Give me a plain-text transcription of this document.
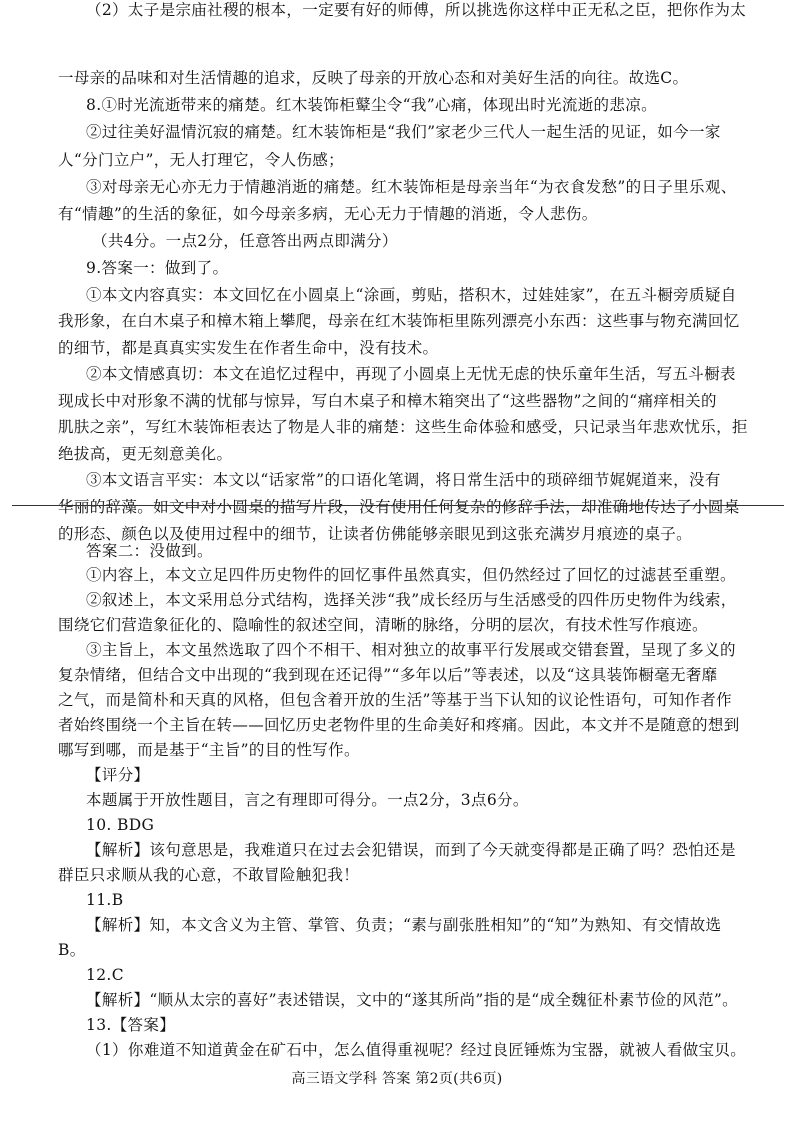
一母亲的品味和对生活情趣的追求，反映了母亲的开放心态和对美好生活的向往。故选C。
8.①时光流逝带来的痛楚。红木装饰柜鼙尘令“我”心痛，体现出时光流逝的悲凉。
②过往美好温情沉寂的痛楚。红木装饰柜是“我们”家老少三代人一起生活的见证，如今一家
人“分门立户”，无人打理它，令人伤感；
③对母亲无心亦无力于情趣消逝的痛楚。红木装饰柜是母亲当年“为衣食发愁”的日子里乐观、
有“情趣”的生活的象征，如今母亲多病，无心无力于情趣的消逝，令人悲伤。
（共4分。一点2分，任意答出两点即满分）
9.答案一：做到了。
①本文内容真实：本文回忆在小圆桌上“涂画，剪贴，搭积木，过娃娃家”，在五斗橱旁质疑自
我形象，在白木桌子和樟木箱上攀爬，母亲在红木装饰柜里陈列漂亮小东西：这些事与物充满回忆
的细节，都是真真实实发生在作者生命中，没有技术。
②本文情感真切：本文在追忆过程中，再现了小圆桌上无忧无虑的快乐童年生活，写五斗橱表
现成长中对形象不满的忧郁与惊异，写白木桌子和樟木箱突出了“这些器物”之间的“痛痒相关的
肌肤之亲”，写红木装饰柜表达了物是人非的痛楚：这些生命体验和感受，只记录当年悲欢忧乐，拒
绝拔高，更无刻意美化。
③本文语言平实：本文以“话家常”的口语化笔调，将日常生活中的琐碎细节娓娓道来，没有
华丽的辞藻。如文中对小圆桌的描写片段，没有使用任何复杂的修辞手法，却准确地传达了小圆桌
的形态、颜色以及使用过程中的细节，让读者仿佛能够亲眼见到这张充满岁月痕迹的桌子。
答案二：没做到。
①内容上，本文立足四件历史物件的回忆事件虽然真实，但仍然经过了回忆的过滤甚至重塑。
②叙述上，本文采用总分式结构，选择关涉“我”成长经历与生活感受的四件历史物件为线索，
围绕它们营造象征化的、隐喻性的叙述空间，清晰的脉络，分明的层次，有技术性写作痕迹。
③主旨上，本文虽然选取了四个不相干、相对独立的故事平行发展或交错套置，呈现了多义的
复杂情绪，但结合文中出现的“我到现在还记得”“多年以后”等表述，以及“这具装饰橱毫无奢靡
之气，而是简朴和天真的风格，但包含着开放的生活”等基于当下认知的议论性语句，可知作者作
者始终围绕一个主旨在转——回忆历史老物件里的生命美好和疼痛。因此，本文并不是随意的想到
哪写到哪，而是基于“主旨”的目的性写作。
【评分】
本题属于开放性题目，言之有理即可得分。一点2分，3点6分。
10. BDG
【解析】该句意思是，我难道只在过去会犯错误，而到了今天就变得都是正确了吗？恐怕还是
群臣只求顺从我的心意，不敢冒险触犯我！
11.B
【解析】知，本文含义为主管、掌管、负责；“素与副张胜相知”的“知”为熟知、有交情故选
B。
12.C
【解析】“顺从太宗的喜好”表述错误，文中的“遂其所尚”指的是“成全魏征朴素节俭的风范”。
13.【答案】
（1）你难道不知道黄金在矿石中，怎么值得重视呢？经过良匠锤炼为宝器，就被人看做宝贝。
（2）太子是宗庙社稷的根本，一定要有好的师傅，所以挑选你这样中正无私之臣，把你作为太
高三语文学科 答案 第2页(共6页)
